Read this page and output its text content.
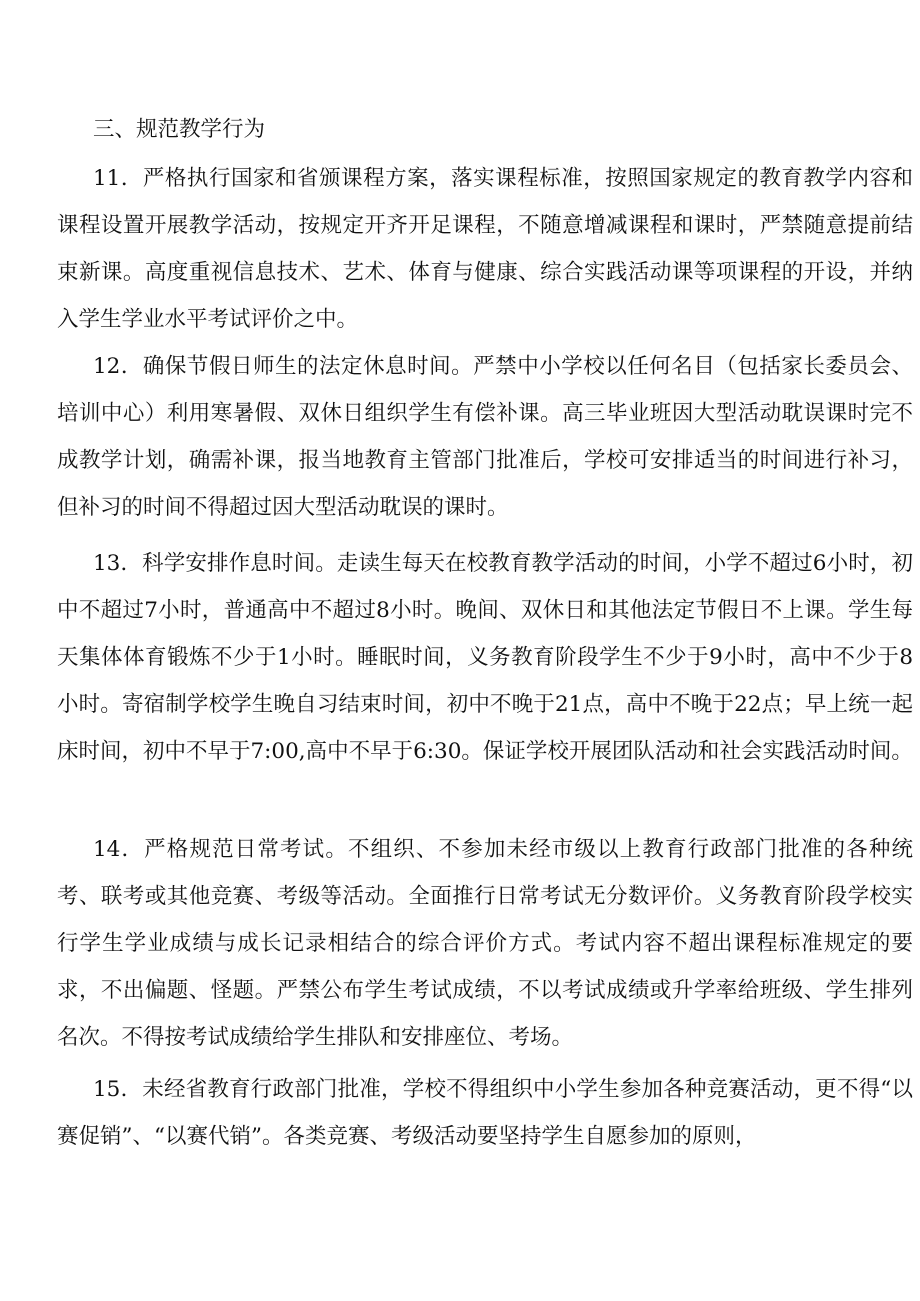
三、规范教学行为

11．严格执行国家和省颁课程方案，落实课程标准，按照国家规定的教育教学内容和课程设置开展教学活动，按规定开齐开足课程，不随意增减课程和课时，严禁随意提前结束新课。高度重视信息技术、艺术、体育与健康、综合实践活动课等项课程的开设，并纳入学生学业水平考试评价之中。

12．确保节假日师生的法定休息时间。严禁中小学校以任何名目（包括家长委员会、培训中心）利用寒暑假、双休日组织学生有偿补课。高三毕业班因大型活动耽误课时完不成教学计划，确需补课，报当地教育主管部门批准后，学校可安排适当的时间进行补习，但补习的时间不得超过因大型活动耽误的课时。

13．科学安排作息时间。走读生每天在校教育教学活动的时间，小学不超过6小时，初中不超过7小时，普通高中不超过8小时。晚间、双休日和其他法定节假日不上课。学生每天集体体育锻炼不少于1小时。睡眠时间，义务教育阶段学生不少于9小时，高中不少于8小时。寄宿制学校学生晚自习结束时间，初中不晚于21点，高中不晚于22点；早上统一起床时间，初中不早于7:00,高中不早于6:30。保证学校开展团队活动和社会实践活动时间。

14．严格规范日常考试。不组织、不参加未经市级以上教育行政部门批准的各种统考、联考或其他竞赛、考级等活动。全面推行日常考试无分数评价。义务教育阶段学校实行学生学业成绩与成长记录相结合的综合评价方式。考试内容不超出课程标准规定的要求，不出偏题、怪题。严禁公布学生考试成绩，不以考试成绩或升学率给班级、学生排列名次。不得按考试成绩给学生排队和安排座位、考场。

15．未经省教育行政部门批准，学校不得组织中小学生参加各种竞赛活动，更不得“以赛促销”、“以赛代销”。各类竞赛、考级活动要坚持学生自愿参加的原则，
